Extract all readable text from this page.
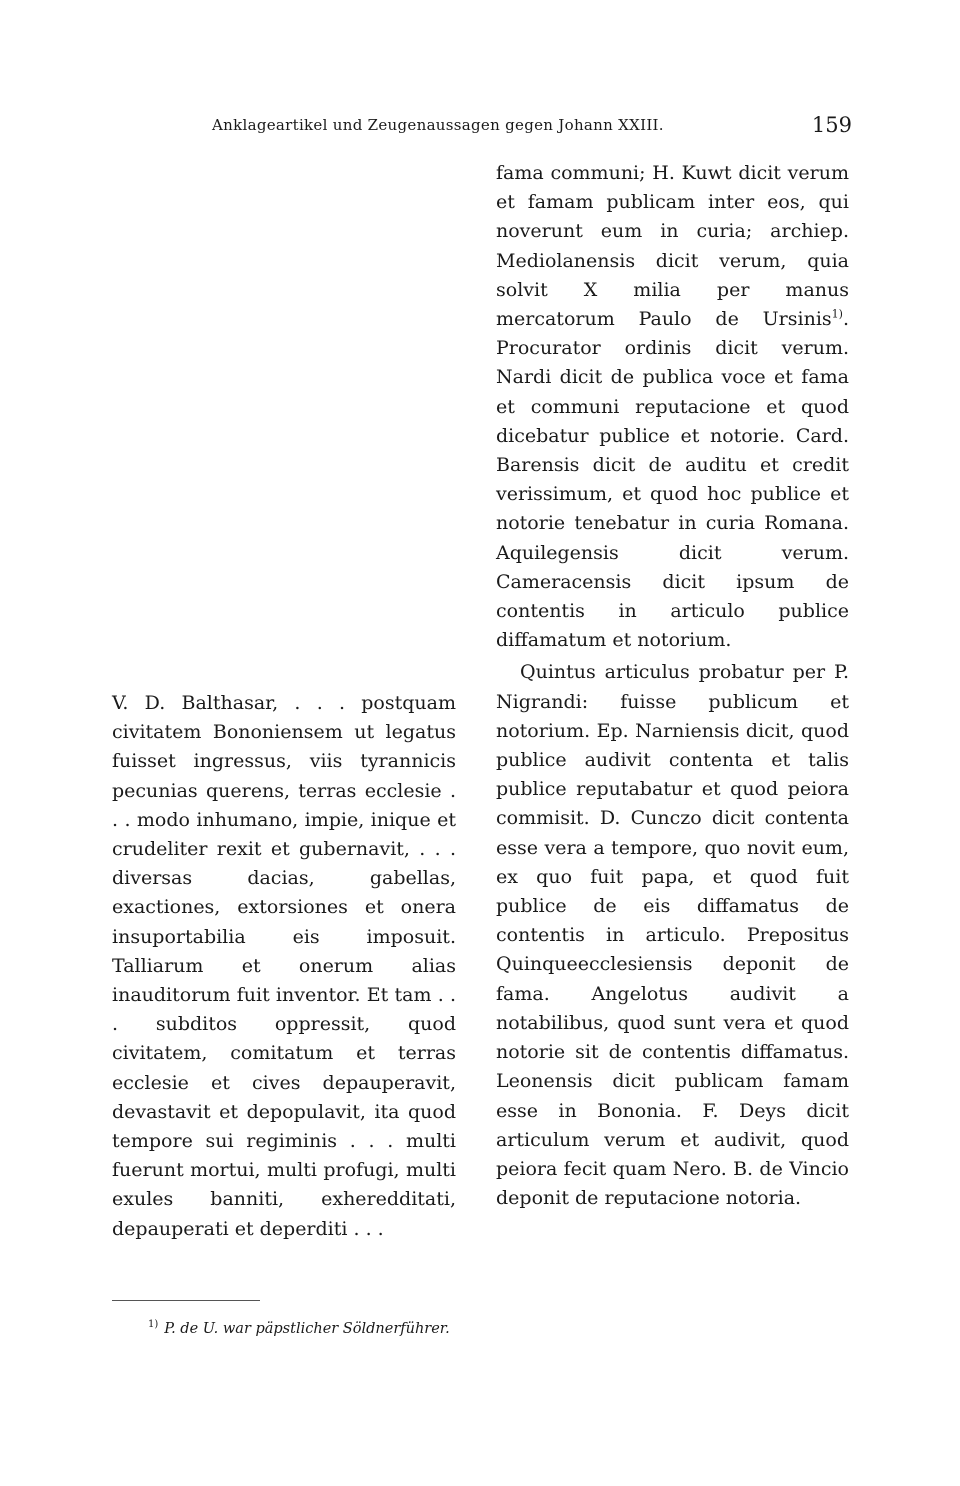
Anklageartikel und Zeugenaussagen gegen Johann XXIII.	159

V. D. Balthasar, . . . postquam civitatem Bononiensem ut legatus fuisset ingressus, viis tyrannicis pecunias querens, terras ecclesie . . . modo inhumano, impie, inique et crudeliter rexit et gubernavit, . . . diversas dacias, gabellas, exactiones, extorsiones et onera insuportabilia eis imposuit. Talliarum et onerum alias inauditorum fuit inventor. Et tam . . . subditos oppressit, quod civitatem, comitatum et terras ecclesie et cives depauperavit, devastavit et depopulavit, ita quod tempore sui regiminis . . . multi fuerunt mortui, multi profugi, multi exules banniti, exheredditati, depauperati et deperditi . . .

fama communi; H. Kuwt dicit verum et famam publicam inter eos, qui noverunt eum in curia; archiep. Mediolanensis dicit verum, quia solvit X milia per manus mercatorum Paulo de Ursinis$^{1)}$. Procurator ordinis dicit verum. Nardi dicit de publica voce et fama et communi reputacione et quod dicebatur publice et notorie. Card. Barensis dicit de auditu et credit verissimum, et quod hoc publice et notorie tenebatur in curia Romana. Aquilegensis dicit verum. Cameracensis dicit ipsum de contentis in articulo publice diffamatum et notorium.

Quintus articulus probatur per P. Nigrandi: fuisse publicum et notorium. Ep. Narniensis dicit, quod publice audivit contenta et talis publice reputabatur et quod peiora commisit. D. Cunczo dicit contenta esse vera a tempore, quo novit eum, ex quo fuit papa, et quod fuit publice de eis diffamatus de contentis in articulo. Prepositus Quinqueecclesiensis deponit de fama. Angelotus audivit a notabilibus, quod sunt vera et quod notorie sit de contentis diffamatus. Leonensis dicit publicam famam esse in Bononia. F. Deys dicit articulum verum et audivit, quod peiora fecit quam Nero. B. de Vincio deponit de reputacione notoria.

$^{1)}$ P. de U. war päpstlicher Söldnerführer.
